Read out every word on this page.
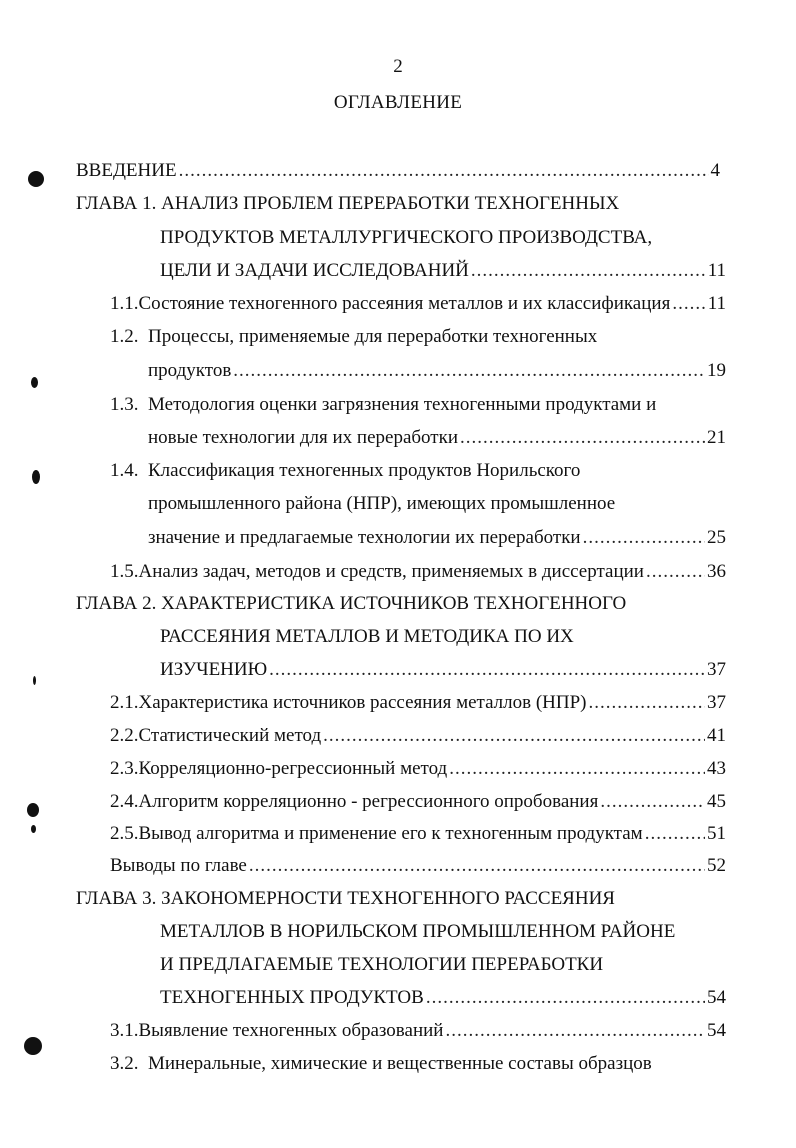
2
ОГЛАВЛЕНИЕ
ВВЕДЕНИЕ .....	4
ГЛАВА 1. АНАЛИЗ ПРОБЛЕМ ПЕРЕРАБОТКИ ТЕХНОГЕННЫХ
ПРОДУКТОВ МЕТАЛЛУРГИЧЕСКОГО ПРОИЗВОДСТВА,
ЦЕЛИ И ЗАДАЧИ ИССЛЕДОВАНИЙ .....	11
1.1. Состояние техногенного рассеяния металлов и их классификация ..... 11
1.2. Процессы, применяемые для переработки техногенных
продуктов .....	19
1.3. Методология оценки загрязнения техногенными продуктами и
новые технологии для их переработки .....	21
1.4. Классификация техногенных продуктов Норильского
промышленного района (НПР), имеющих промышленное
значение и предлагаемые технологии их переработки .....	25
1.5. Анализ задач, методов и средств, применяемых в диссертации .....	36
ГЛАВА 2. ХАРАКТЕРИСТИКА ИСТОЧНИКОВ ТЕХНОГЕННОГО
РАССЕЯНИЯ МЕТАЛЛОВ И МЕТОДИКА ПО ИХ
ИЗУЧЕНИЮ .....	37
2.1. Характеристика источников рассеяния металлов (НПР) .....	37
2.2. Статистический метод .....	41
2.3. Корреляционно-регрессионный метод .....	43
2.4. Алгоритм корреляционно - регрессионного опробования .....	45
2.5. Вывод алгоритма и применение его к техногенным продуктам .....	51
Выводы по главе .....	52
ГЛАВА 3. ЗАКОНОМЕРНОСТИ ТЕХНОГЕННОГО РАССЕЯНИЯ
МЕТАЛЛОВ В НОРИЛЬСКОМ ПРОМЫШЛЕННОМ РАЙОНЕ
И ПРЕДЛАГАЕМЫЕ ТЕХНОЛОГИИ ПЕРЕРАБОТКИ
ТЕХНОГЕННЫХ ПРОДУКТОВ .....	54
3.1. Выявление техногенных образований .....	54
3.2. Минеральные, химические и вещественные составы образцов
